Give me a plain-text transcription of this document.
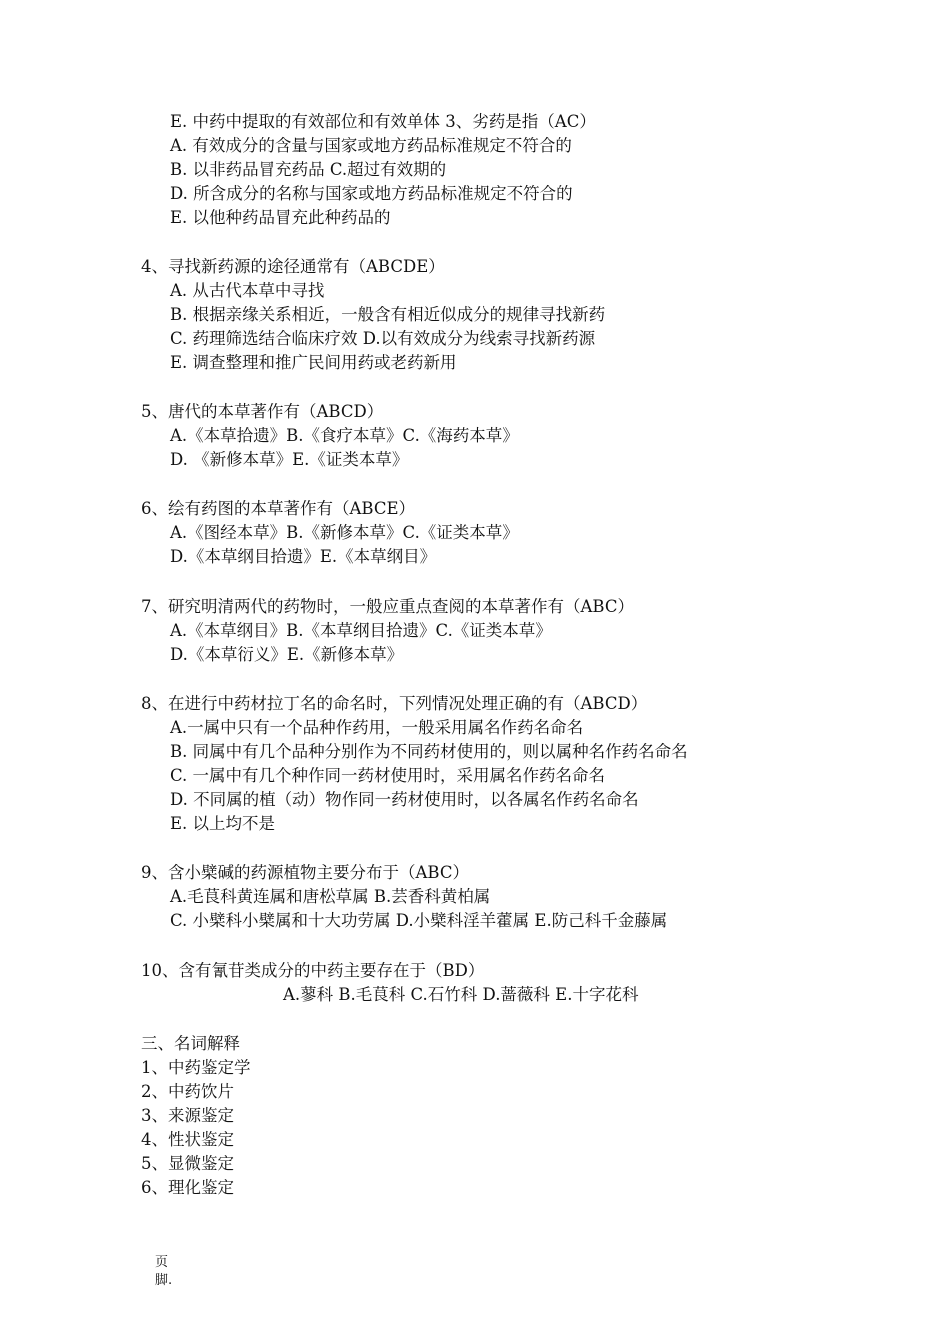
E. 中药中提取的有效部位和有效单体 3、劣药是指（AC）
A. 有效成分的含量与国家或地方药品标准规定不符合的
B. 以非药品冒充药品 C.超过有效期的
D. 所含成分的名称与国家或地方药品标准规定不符合的
E. 以他种药品冒充此种药品的
4、寻找新药源的途径通常有（ABCDE）
A. 从古代本草中寻找
B. 根据亲缘关系相近，一般含有相近似成分的规律寻找新药
C. 药理筛选结合临床疗效 D.以有效成分为线索寻找新药源
E. 调查整理和推广民间用药或老药新用
5、唐代的本草著作有（ABCD）
A.《本草拾遗》B.《食疗本草》C.《海药本草》
D. 《新修本草》E.《证类本草》
6、绘有药图的本草著作有（ABCE）
A.《图经本草》B.《新修本草》C.《证类本草》
D.《本草纲目拾遗》E.《本草纲目》
7、研究明清两代的药物时，一般应重点查阅的本草著作有（ABC）
A.《本草纲目》B.《本草纲目拾遗》C.《证类本草》
D.《本草衍义》E.《新修本草》
8、在进行中药材拉丁名的命名时，下列情况处理正确的有（ABCD）
A.一属中只有一个品种作药用，一般采用属名作药名命名
B. 同属中有几个品种分别作为不同药材使用的，则以属种名作药名命名
C. 一属中有几个种作同一药材使用时，采用属名作药名命名
D. 不同属的植（动）物作同一药材使用时，以各属名作药名命名
E. 以上均不是
9、含小檗碱的药源植物主要分布于（ABC）
A.毛茛科黄连属和唐松草属 B.芸香科黄柏属
C. 小檗科小檗属和十大功劳属 D.小檗科淫羊藿属 E.防己科千金藤属
10、含有氰苷类成分的中药主要存在于（BD）
A.蓼科 B.毛茛科 C.石竹科 D.蔷薇科 E.十字花科
三、名词解释
1、中药鉴定学
2、中药饮片
3、来源鉴定
4、性状鉴定
5、显微鉴定
6、理化鉴定
页
脚.
